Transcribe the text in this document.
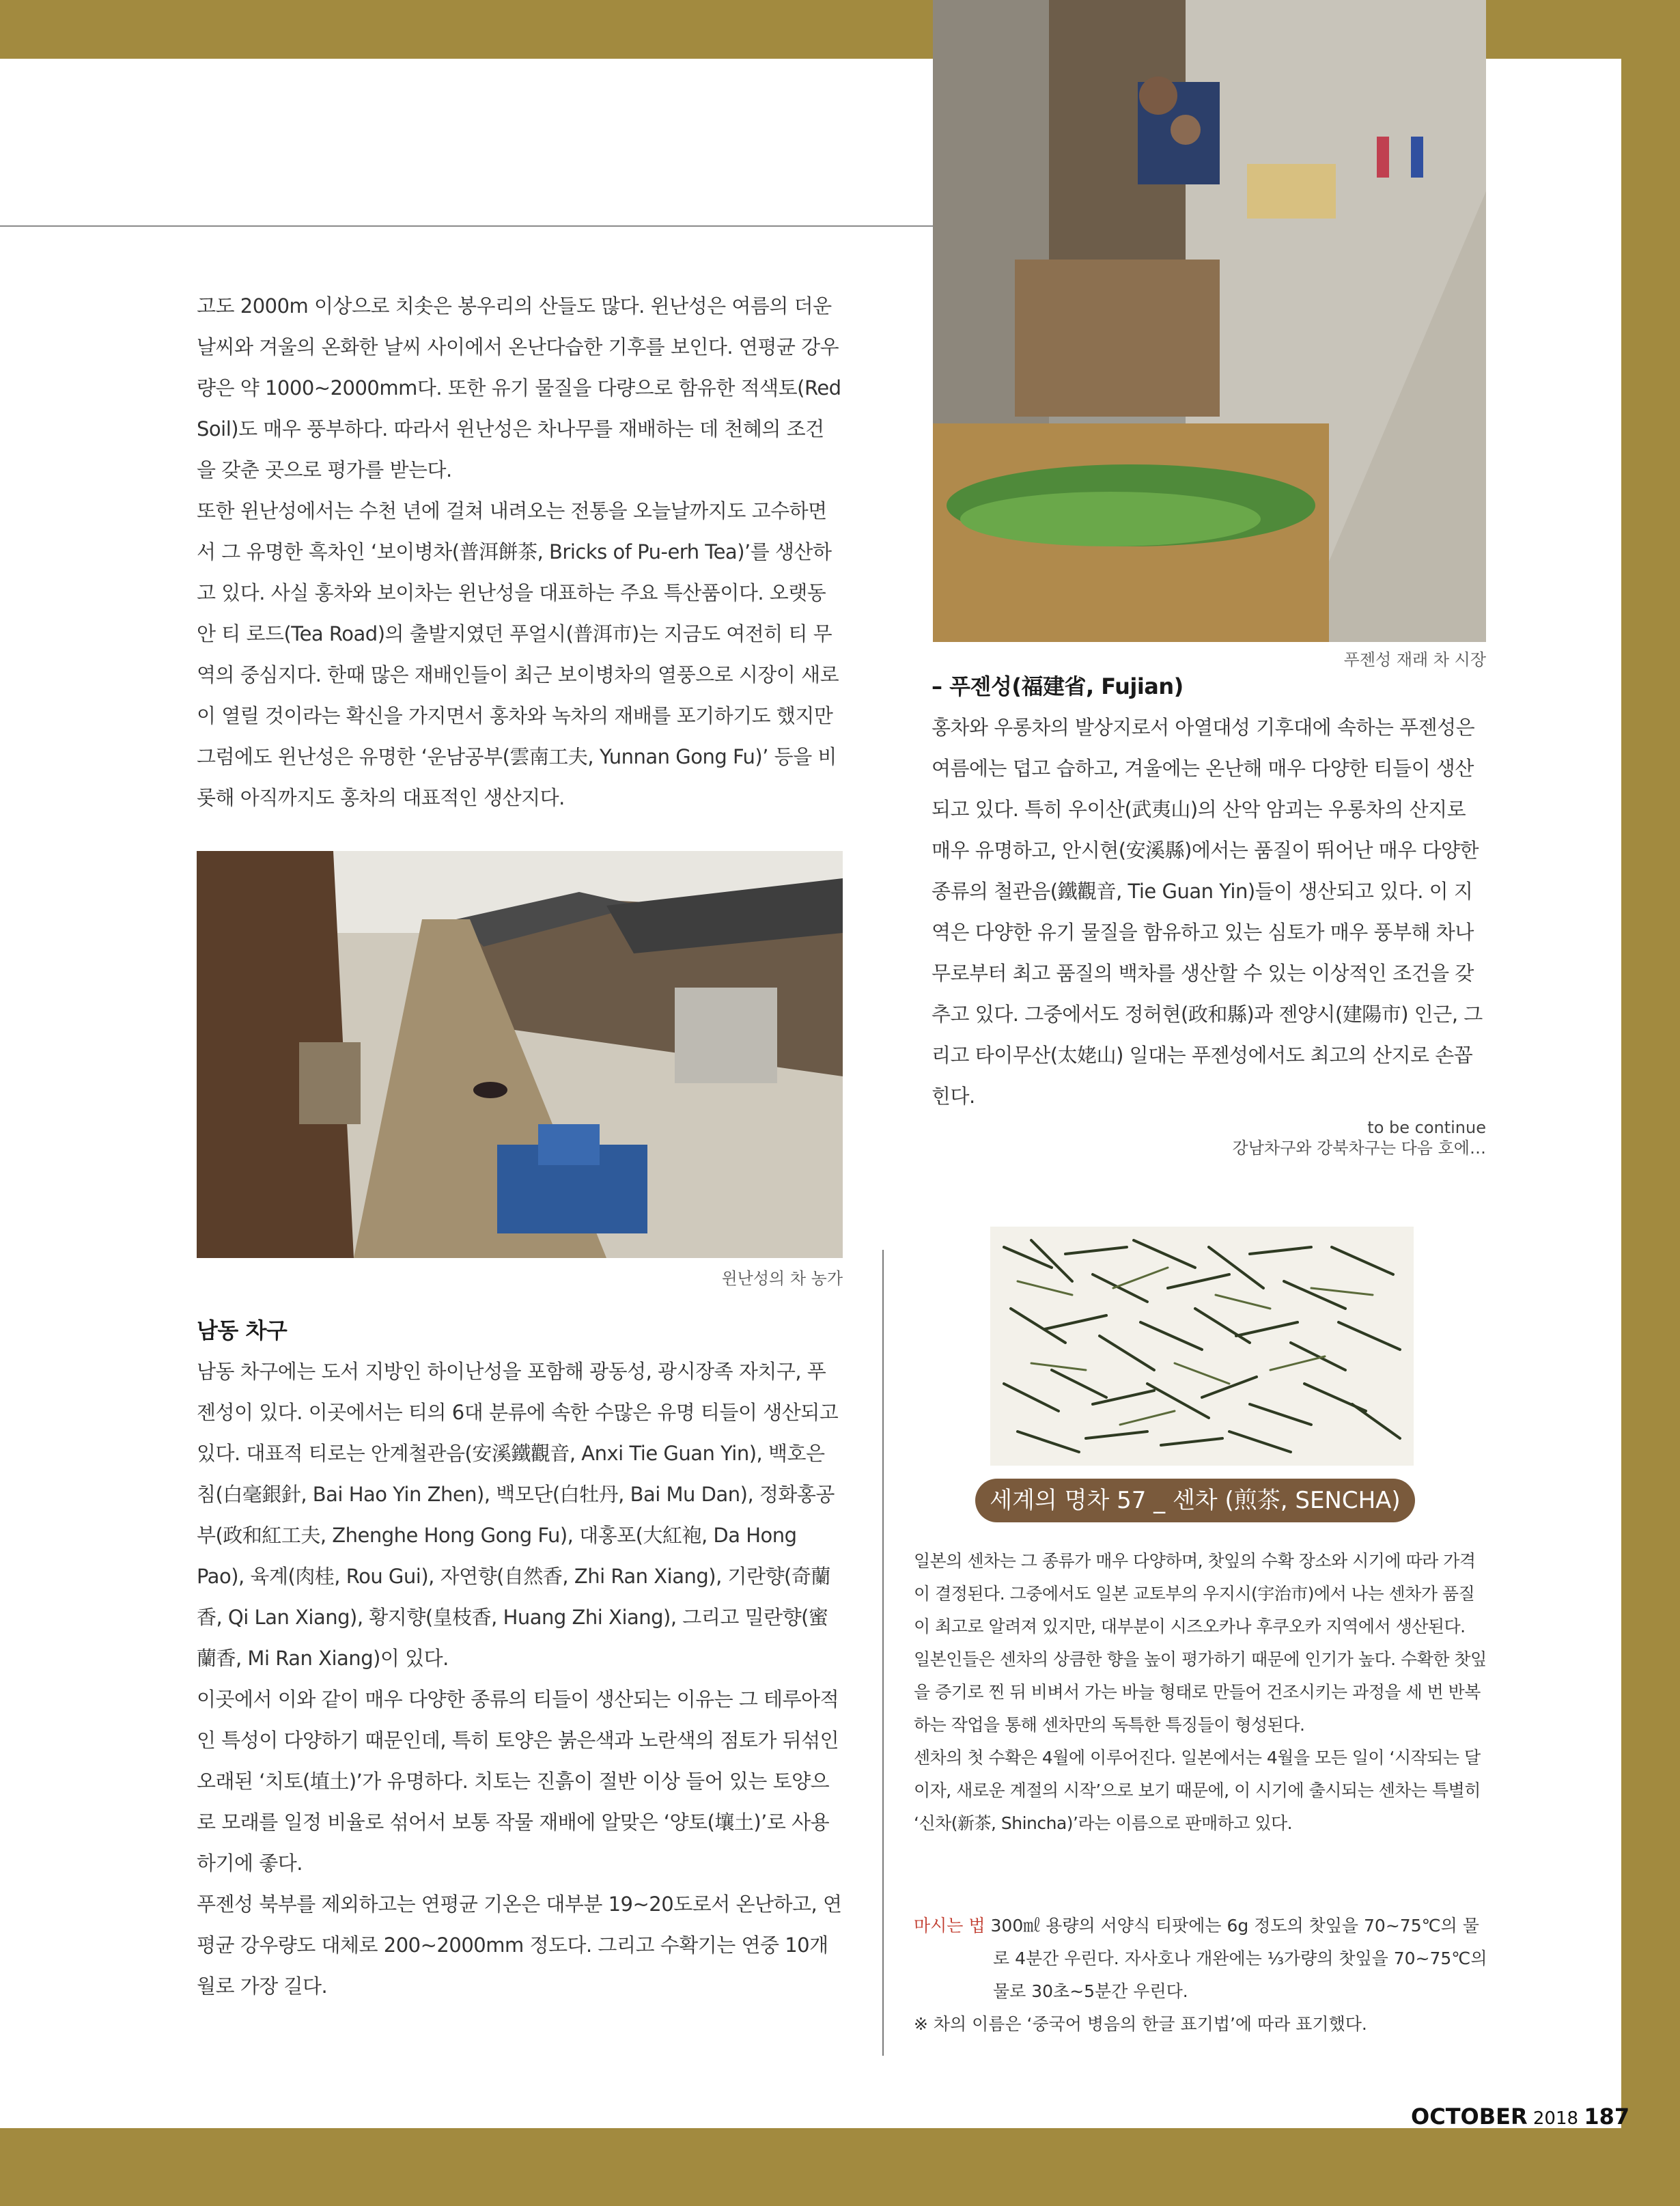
고도 2000m 이상으로 치솟은 봉우리의 산들도 많다. 윈난성은 여름의 더운 날씨와 겨울의 온화한 날씨 사이에서 온난다습한 기후를 보인다. 연평균 강우량은 약 1000~2000mm다. 또한 유기 물질을 다량으로 함유한 적색토(Red Soil)도 매우 풍부하다. 따라서 윈난성은 차나무를 재배하는 데 천혜의 조건을 갖춘 곳으로 평가를 받는다.

또한 윈난성에서는 수천 년에 걸쳐 내려오는 전통을 오늘날까지도 고수하면서 그 유명한 흑차인 ‘보이병차(普洱餅茶, Bricks of Pu-erh Tea)’를 생산하고 있다. 사실 홍차와 보이차는 윈난성을 대표하는 주요 특산품이다. 오랫동안 티 로드(Tea Road)의 출발지였던 푸얼시(普洱市)는 지금도 여전히 티 무역의 중심지다. 한때 많은 재배인들이 최근 보이병차의 열풍으로 시장이 새로이 열릴 것이라는 확신을 가지면서 홍차와 녹차의 재배를 포기하기도 했지만 그럼에도 윈난성은 유명한 ‘운남공부(雲南工夫, Yunnan Gong Fu)’ 등을 비롯해 아직까지도 홍차의 대표적인 생산지다.

윈난성의 차 농가

남동 차구

남동 차구에는 도서 지방인 하이난성을 포함해 광동성, 광시장족 자치구, 푸젠성이 있다. 이곳에서는 티의 6대 분류에 속한 수많은 유명 티들이 생산되고 있다. 대표적 티로는 안계철관음(安溪鐵觀音, Anxi Tie Guan Yin), 백호은침(白毫銀針, Bai Hao Yin Zhen), 백모단(白牡丹, Bai Mu Dan), 정화홍공부(政和紅工夫, Zhenghe Hong Gong Fu), 대홍포(大紅袍, Da Hong Pao), 육계(肉桂, Rou Gui), 자연향(自然香, Zhi Ran Xiang), 기란향(奇蘭香, Qi Lan Xiang), 황지향(皇枝香, Huang Zhi Xiang), 그리고 밀란향(蜜蘭香, Mi Ran Xiang)이 있다.

이곳에서 이와 같이 매우 다양한 종류의 티들이 생산되는 이유는 그 테루아적인 특성이 다양하기 때문인데, 특히 토양은 붉은색과 노란색의 점토가 뒤섞인 오래된 ‘치토(埴土)’가 유명하다. 치토는 진흙이 절반 이상 들어 있는 토양으로 모래를 일정 비율로 섞어서 보통 작물 재배에 알맞은 ‘양토(壤土)’로 사용하기에 좋다.

푸젠성 북부를 제외하고는 연평균 기온은 대부분 19~20도로서 온난하고, 연평균 강우량도 대체로 200~2000mm 정도다. 그리고 수확기는 연중 10개월로 가장 길다.

푸젠성 재래 차 시장

– 푸젠성(福建省, Fujian)

홍차와 우롱차의 발상지로서 아열대성 기후대에 속하는 푸젠성은 여름에는 덥고 습하고, 겨울에는 온난해 매우 다양한 티들이 생산되고 있다. 특히 우이산(武夷山)의 산악 암괴는 우롱차의 산지로 매우 유명하고, 안시현(安溪縣)에서는 품질이 뛰어난 매우 다양한 종류의 철관음(鐵觀音, Tie Guan Yin)들이 생산되고 있다. 이 지역은 다양한 유기 물질을 함유하고 있는 심토가 매우 풍부해 차나무로부터 최고 품질의 백차를 생산할 수 있는 이상적인 조건을 갖추고 있다. 그중에서도 정허현(政和縣)과 젠양시(建陽市) 인근, 그리고 타이무산(太姥山) 일대는 푸젠성에서도 최고의 산지로 손꼽힌다.

to be continue
강남차구와 강북차구는 다음 호에…
세계의 명차 57 _ 센차 (煎茶, SENCHA)

일본의 센차는 그 종류가 매우 다양하며, 찻잎의 수확 장소와 시기에 따라 가격이 결정된다. 그중에서도 일본 교토부의 우지시(宇治市)에서 나는 센차가 품질이 최고로 알려져 있지만, 대부분이 시즈오카나 후쿠오카 지역에서 생산된다.

일본인들은 센차의 상큼한 향을 높이 평가하기 때문에 인기가 높다. 수확한 찻잎을 증기로 찐 뒤 비벼서 가는 바늘 형태로 만들어 건조시키는 과정을 세 번 반복하는 작업을 통해 센차만의 독특한 특징들이 형성된다.

센차의 첫 수확은 4월에 이루어진다. 일본에서는 4월을 모든 일이 ‘시작되는 달이자, 새로운 계절의 시작’으로 보기 때문에, 이 시기에 출시되는 센차는 특별히 ‘신차(新茶, Shincha)’라는 이름으로 판매하고 있다.

마시는 법 300㎖ 용량의 서양식 티팟에는 6g 정도의 찻잎을 70~75℃의 물
로 4분간 우린다. 자사호나 개완에는 ⅓가량의 찻잎을 70~75℃의
물로 30초~5분간 우린다.
※ 차의 이름은 ‘중국어 병음의 한글 표기법’에 따라 표기했다.
OCTOBER 2018 187
